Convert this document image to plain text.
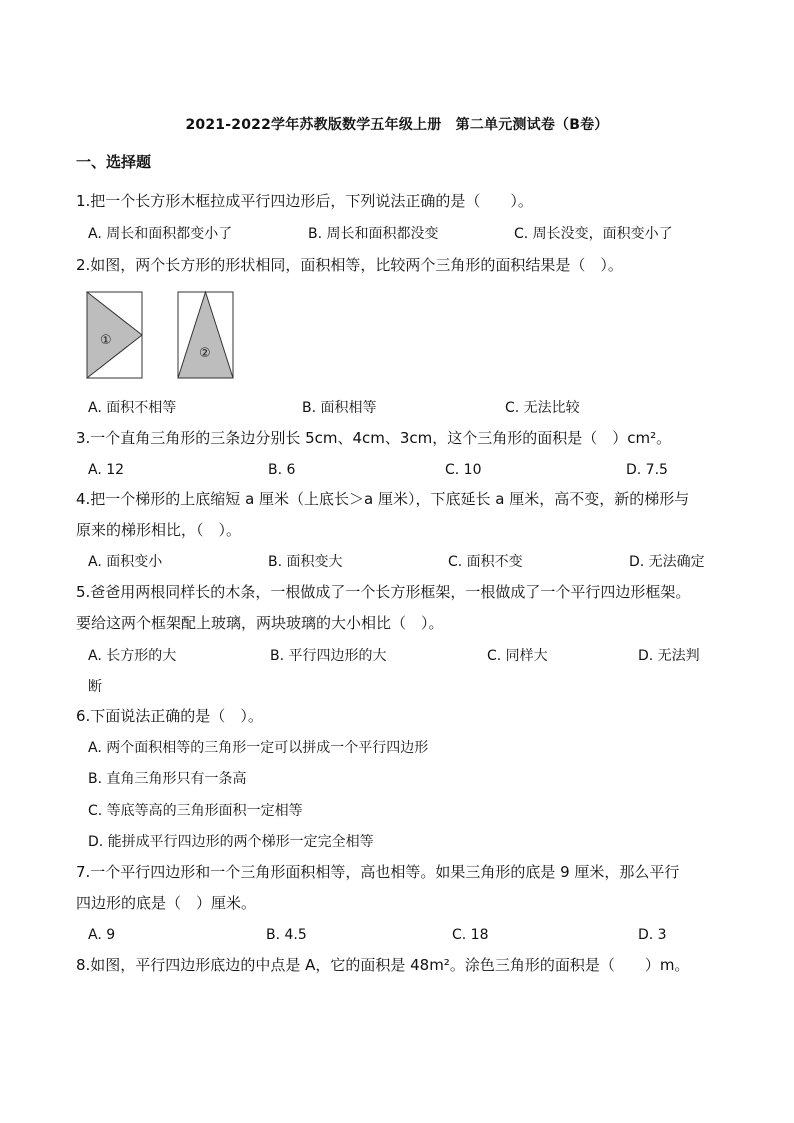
2021-2022学年苏教版数学五年级上册　第二单元测试卷（B卷）
一、选择题
1.把一个长方形木框拉成平行四边形后，下列说法正确的是（　　）。
A. 周长和面积都变小了	B. 周长和面积都没变	C. 周长没变，面积变小了
2.如图，两个长方形的形状相同，面积相等，比较两个三角形的面积结果是（　）。
①
②
A. 面积不相等	B. 面积相等	C. 无法比较
3.一个直角三角形的三条边分别长 5cm、4cm、3cm，这个三角形的面积是（　）cm²。
A. 12	B. 6	C. 10	D. 7.5
4.把一个梯形的上底缩短 a 厘米（上底长＞a 厘米），下底延长 a 厘米，高不变，新的梯形与
原来的梯形相比，（　）。
A. 面积变小	B. 面积变大	C. 面积不变	D. 无法确定
5.爸爸用两根同样长的木条，一根做成了一个长方形框架，一根做成了一个平行四边形框架。
要给这两个框架配上玻璃，两块玻璃的大小相比（　）。
A. 长方形的大	B. 平行四边形的大	C. 同样大	D. 无法判
断
6.下面说法正确的是（　）。
A. 两个面积相等的三角形一定可以拼成一个平行四边形
B. 直角三角形只有一条高
C. 等底等高的三角形面积一定相等
D. 能拼成平行四边形的两个梯形一定完全相等
7.一个平行四边形和一个三角形面积相等，高也相等。如果三角形的底是 9 厘米，那么平行
四边形的底是（　）厘米。
A. 9	B. 4.5	C. 18	D. 3
8.如图，平行四边形底边的中点是 A，它的面积是 48m²。涂色三角形的面积是（　　）m。
